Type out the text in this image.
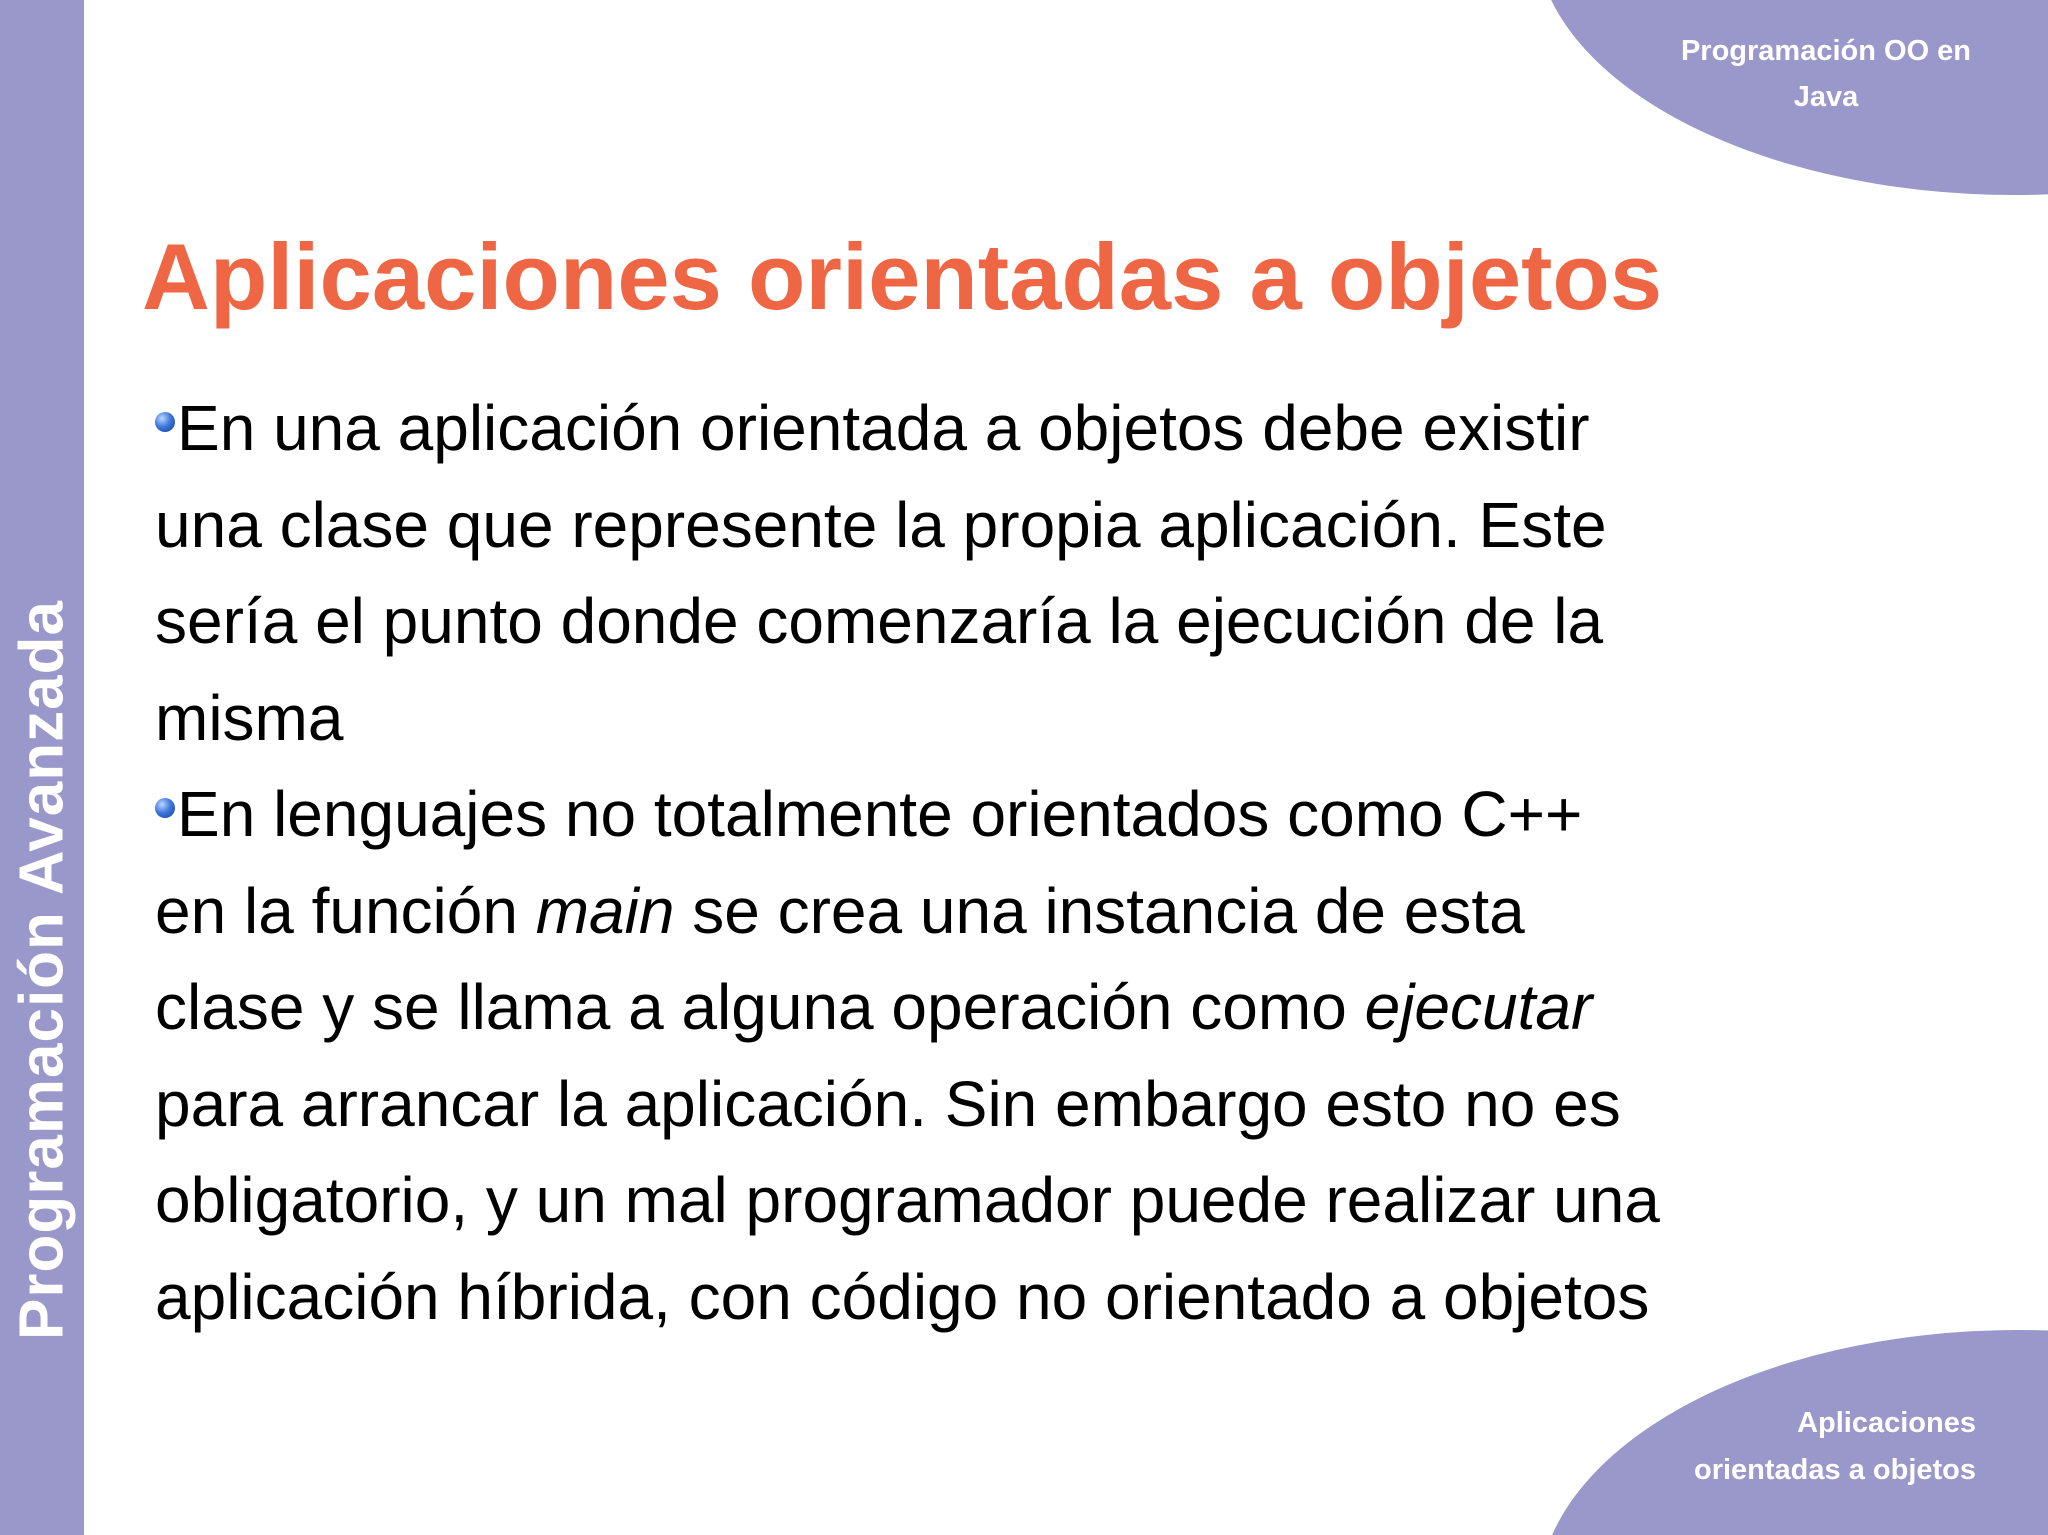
Programación Avanzada
Programación OO en
Java
Aplicaciones orientadas a objetos
En una aplicación orientada a objetos debe existir
una clase que represente la propia aplicación. Este
sería el punto donde comenzaría la ejecución de la
misma
En lenguajes no totalmente orientados como C++
en la función main se crea una instancia de esta
clase y se llama a alguna operación como ejecutar
para arrancar la aplicación. Sin embargo esto no es
obligatorio, y un mal programador puede realizar una
aplicación híbrida, con código no orientado a objetos
Aplicaciones
orientadas a objetos
